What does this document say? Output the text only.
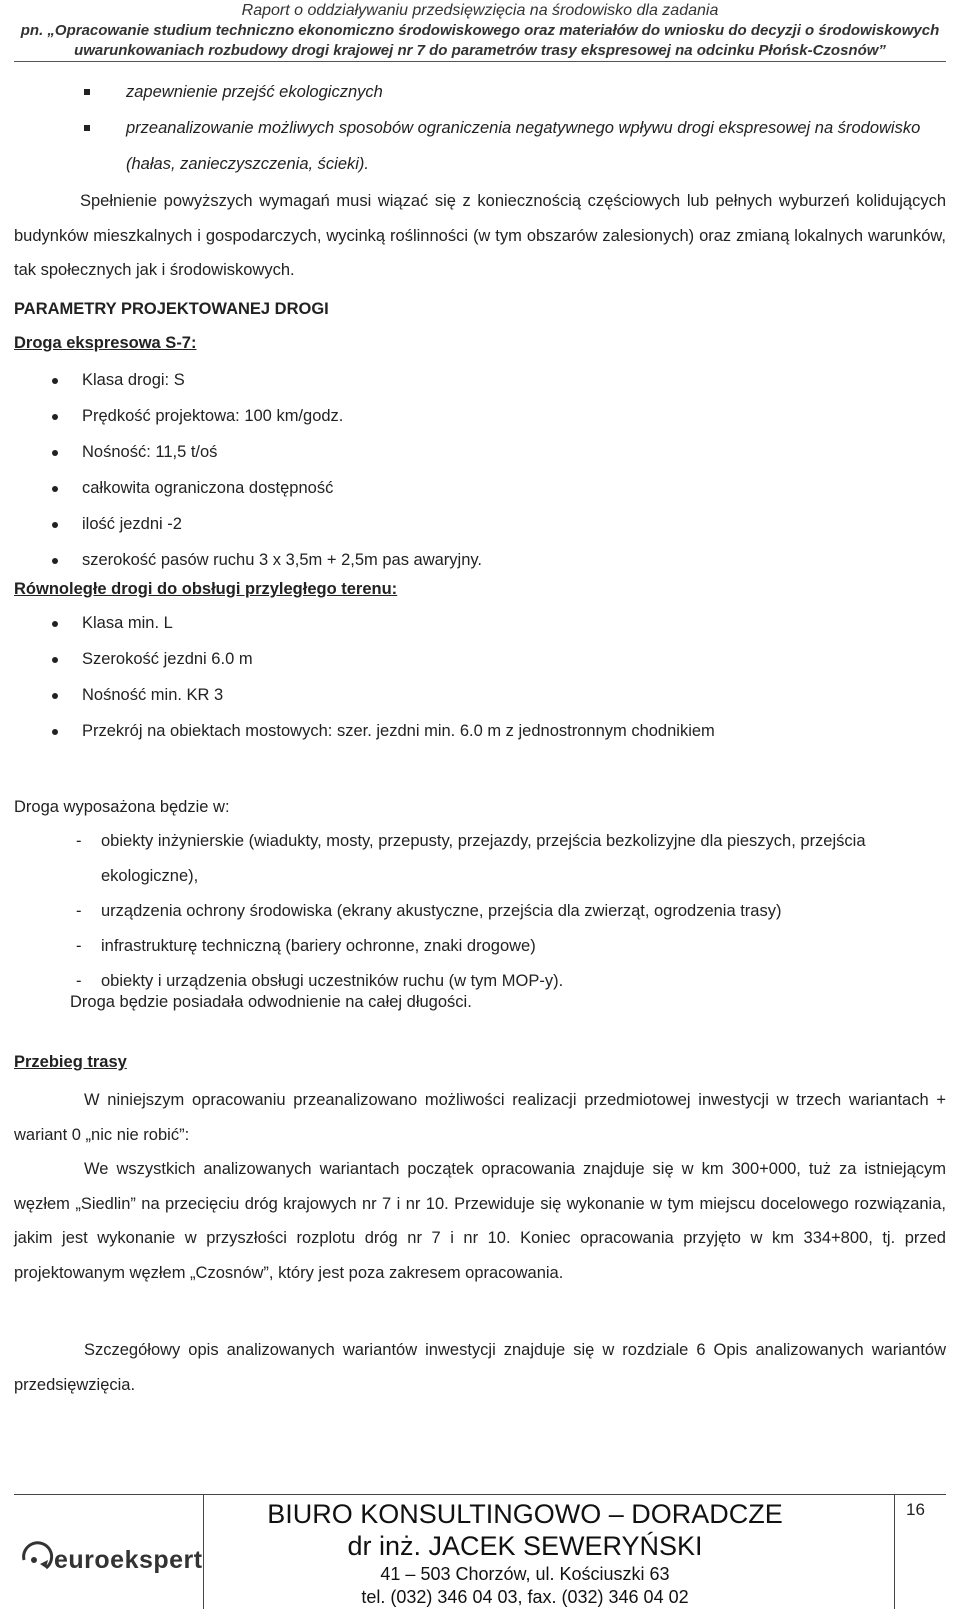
Raport o oddziaływaniu przedsięwzięcia na środowisko dla zadania
pn. „Opracowanie studium techniczno ekonomiczno środowiskowego oraz materiałów do wniosku do decyzji o środowiskowych
uwarunkowaniach rozbudowy drogi krajowej nr 7 do parametrów trasy ekspresowej na odcinku Płońsk-Czosnów”
zapewnienie przejść ekologicznych
przeanalizowanie możliwych sposobów ograniczenia negatywnego wpływu drogi ekspresowej na środowisko (hałas, zanieczyszczenia, ścieki).
Spełnienie powyższych wymagań musi wiązać się z koniecznością częściowych lub pełnych wyburzeń kolidujących budynków mieszkalnych i gospodarczych, wycinką roślinności (w tym obszarów zalesionych) oraz zmianą lokalnych warunków, tak społecznych jak i środowiskowych.
PARAMETRY PROJEKTOWANEJ DROGI
Droga ekspresowa S-7:
Klasa drogi: S
Prędkość projektowa: 100 km/godz.
Nośność: 11,5 t/oś
całkowita ograniczona dostępność
ilość jezdni -2
szerokość pasów ruchu 3 x 3,5m + 2,5m pas awaryjny.
Równoległe drogi do obsługi przyległego terenu:
Klasa min. L
Szerokość jezdni 6.0 m
Nośność min. KR 3
Przekrój na obiektach mostowych: szer. jezdni min. 6.0 m z jednostronnym chodnikiem
Droga wyposażona będzie w:
- obiekty inżynierskie (wiadukty, mosty, przepusty, przejazdy, przejścia bezkolizyjne dla pieszych, przejścia ekologiczne),
- urządzenia ochrony środowiska (ekrany akustyczne, przejścia dla zwierząt, ogrodzenia trasy)
- infrastrukturę techniczną (bariery ochronne, znaki drogowe)
- obiekty i urządzenia obsługi uczestników ruchu (w tym MOP-y).
Droga będzie posiadała odwodnienie na całej długości.
Przebieg trasy
W niniejszym opracowaniu przeanalizowano możliwości realizacji przedmiotowej inwestycji w trzech wariantach + wariant 0 „nic nie robić”:
We wszystkich analizowanych wariantach początek opracowania znajduje się w km 300+000, tuż za istniejącym węzłem „Siedlin” na przecięciu dróg krajowych nr 7 i nr 10. Przewiduje się wykonanie w tym miejscu docelowego rozwiązania, jakim jest wykonanie w przyszłości rozplotu dróg nr 7 i nr 10. Koniec opracowania przyjęto w km 334+800, tj. przed projektowanym węzłem „Czosnów”, który jest poza zakresem opracowania.
Szczegółowy opis analizowanych wariantów inwestycji znajduje się w rozdziale 6 Opis analizowanych wariantów przedsięwzięcia.
euroekspert
BIURO KONSULTINGOWO – DORADCZE
dr inż. JACEK SEWERYŃSKI
41 – 503 Chorzów, ul. Kościuszki 63
tel. (032) 346 04 03, fax. (032) 346 04 02
16
